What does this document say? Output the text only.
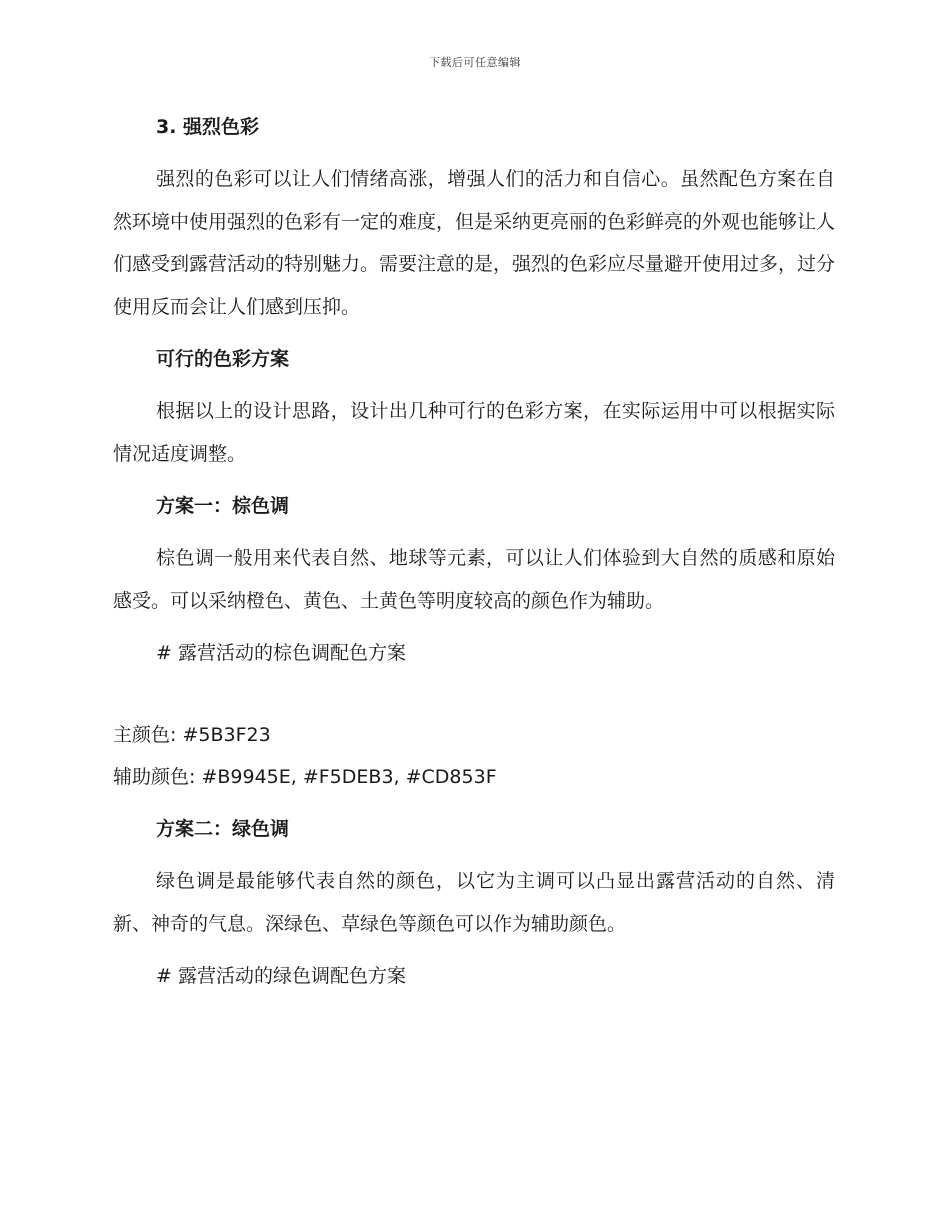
下载后可任意编辑

3. 强烈色彩

强烈的色彩可以让人们情绪高涨，增强人们的活力和自信心。虽然配色方案在自然环境中使用强烈的色彩有一定的难度，但是采纳更亮丽的色彩鲜亮的外观也能够让人们感受到露营活动的特别魅力。需要注意的是，强烈的色彩应尽量避开使用过多，过分使用反而会让人们感到压抑。

可行的色彩方案

根据以上的设计思路，设计出几种可行的色彩方案，在实际运用中可以根据实际情况适度调整。

方案一：棕色调

棕色调一般用来代表自然、地球等元素，可以让人们体验到大自然的质感和原始感受。可以采纳橙色、黄色、土黄色等明度较高的颜色作为辅助。

# 露营活动的棕色调配色方案

主颜色: #5B3F23

辅助颜色: #B9945E, #F5DEB3, #CD853F

方案二：绿色调

绿色调是最能够代表自然的颜色，以它为主调可以凸显出露营活动的自然、清新、神奇的气息。深绿色、草绿色等颜色可以作为辅助颜色。

# 露营活动的绿色调配色方案
